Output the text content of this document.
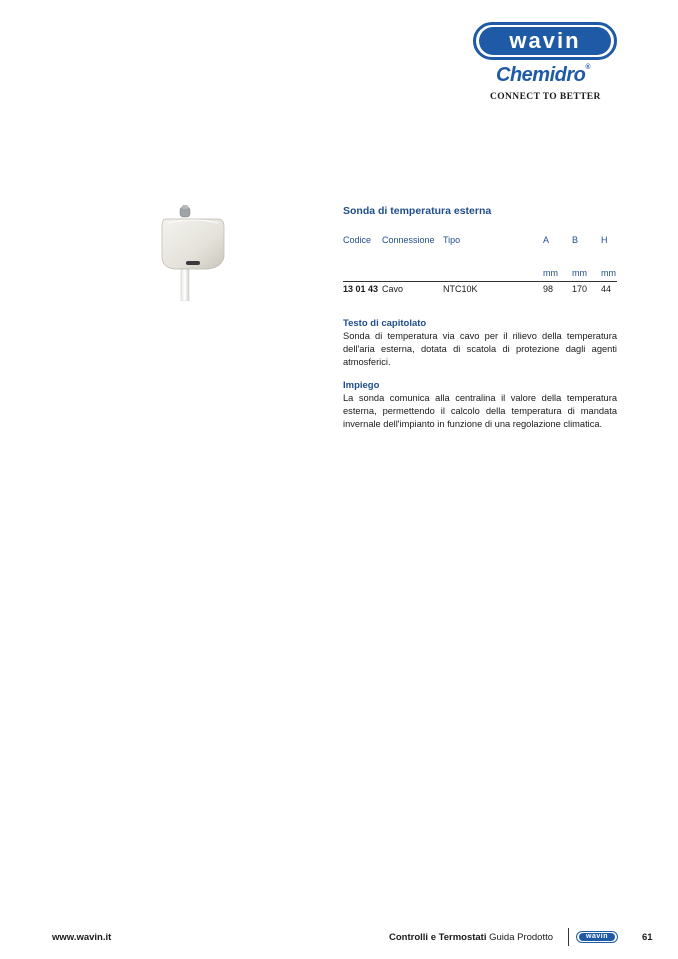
wavin
Chemidro®
CONNECT TO BETTER
Sonda di temperatura esterna
Codice Connessione Tipo	A	B	H
mm mm mm
13 01 43 Cavo	NTC10K	98 170 44
Testo di capitolato

Sonda di temperatura via cavo per il rilievo della temperatura dell'aria esterna, dotata di scatola di protezione dagli agenti atmosferici.

Impiego

La sonda comunica alla centralina il valore della temperatura esterna, permettendo il calcolo della temperatura di mandata invernale dell'impianto in funzione di una regolazione climatica.

www.wavin.it	Controlli e Termostati Guida Prodotto	wavin	61
